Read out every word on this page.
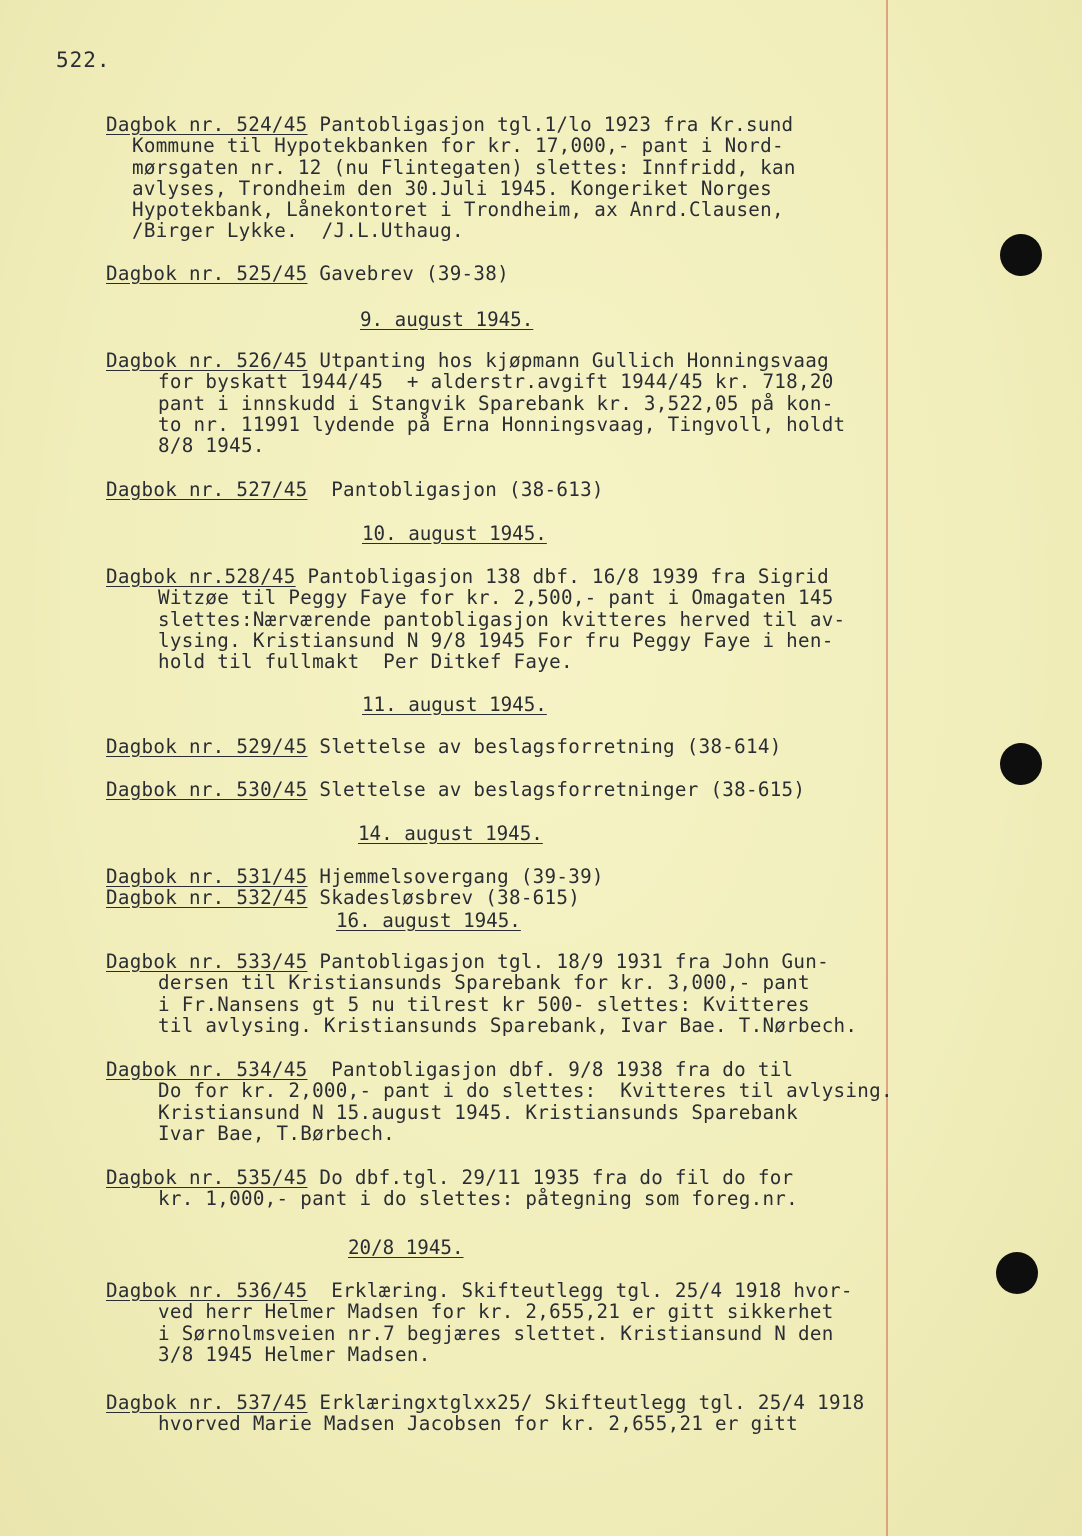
522.
Dagbok nr. 524/45 Pantobligasjon tgl.1/lo 1923 fra Kr.sund
Kommune til Hypotekbanken for kr. 17,000,- pant i Nord-
mørsgaten nr. 12 (nu Flintegaten) slettes: Innfridd, kan
avlyses, Trondheim den 30.Juli 1945. Kongeriket Norges
Hypotekbank, Lånekontoret i Trondheim, ax Anrd.Clausen,
/Birger Lykke.  /J.L.Uthaug.
Dagbok nr. 525/45 Gavebrev (39-38)
9. august 1945.
Dagbok nr. 526/45 Utpanting hos kjøpmann Gullich Honningsvaag
for byskatt 1944/45  + alderstr.avgift 1944/45 kr. 718,20
pant i innskudd i Stangvik Sparebank kr. 3,522,05 på kon-
to nr. 11991 lydende på Erna Honningsvaag, Tingvoll, holdt
8/8 1945.
Dagbok nr. 527/45  Pantobligasjon (38-613)
10. august 1945.
Dagbok nr.528/45 Pantobligasjon 138 dbf. 16/8 1939 fra Sigrid
Witzøe til Peggy Faye for kr. 2,500,- pant i Omagaten 145
slettes:Nærværende pantobligasjon kvitteres herved til av-
lysing. Kristiansund N 9/8 1945 For fru Peggy Faye i hen-
hold til fullmakt  Per Ditkef Faye.
11. august 1945.
Dagbok nr. 529/45 Slettelse av beslagsforretning (38-614)
Dagbok nr. 530/45 Slettelse av beslagsforretninger (38-615)
14. august 1945.
Dagbok nr. 531/45 Hjemmelsovergang (39-39)
Dagbok nr. 532/45 Skadesløsbrev (38-615)
16. august 1945.
Dagbok nr. 533/45 Pantobligasjon tgl. 18/9 1931 fra John Gun-
dersen til Kristiansunds Sparebank for kr. 3,000,- pant
i Fr.Nansens gt 5 nu tilrest kr 500- slettes: Kvitteres
til avlysing. Kristiansunds Sparebank, Ivar Bae. T.Nørbech.
Dagbok nr. 534/45  Pantobligasjon dbf. 9/8 1938 fra do til
Do for kr. 2,000,- pant i do slettes:  Kvitteres til avlysing.
Kristiansund N 15.august 1945. Kristiansunds Sparebank
Ivar Bae, T.Børbech.
Dagbok nr. 535/45 Do dbf.tgl. 29/11 1935 fra do fil do for
kr. 1,000,- pant i do slettes: påtegning som foreg.nr.
20/8 1945.
Dagbok nr. 536/45  Erklæring. Skifteutlegg tgl. 25/4 1918 hvor-
ved herr Helmer Madsen for kr. 2,655,21 er gitt sikkerhet
i Sørnolmsveien nr.7 begjæres slettet. Kristiansund N den
3/8 1945 Helmer Madsen.
Dagbok nr. 537/45 Erklæringxtglxx25/ Skifteutlegg tgl. 25/4 1918
hvorved Marie Madsen Jacobsen for kr. 2,655,21 er gitt
